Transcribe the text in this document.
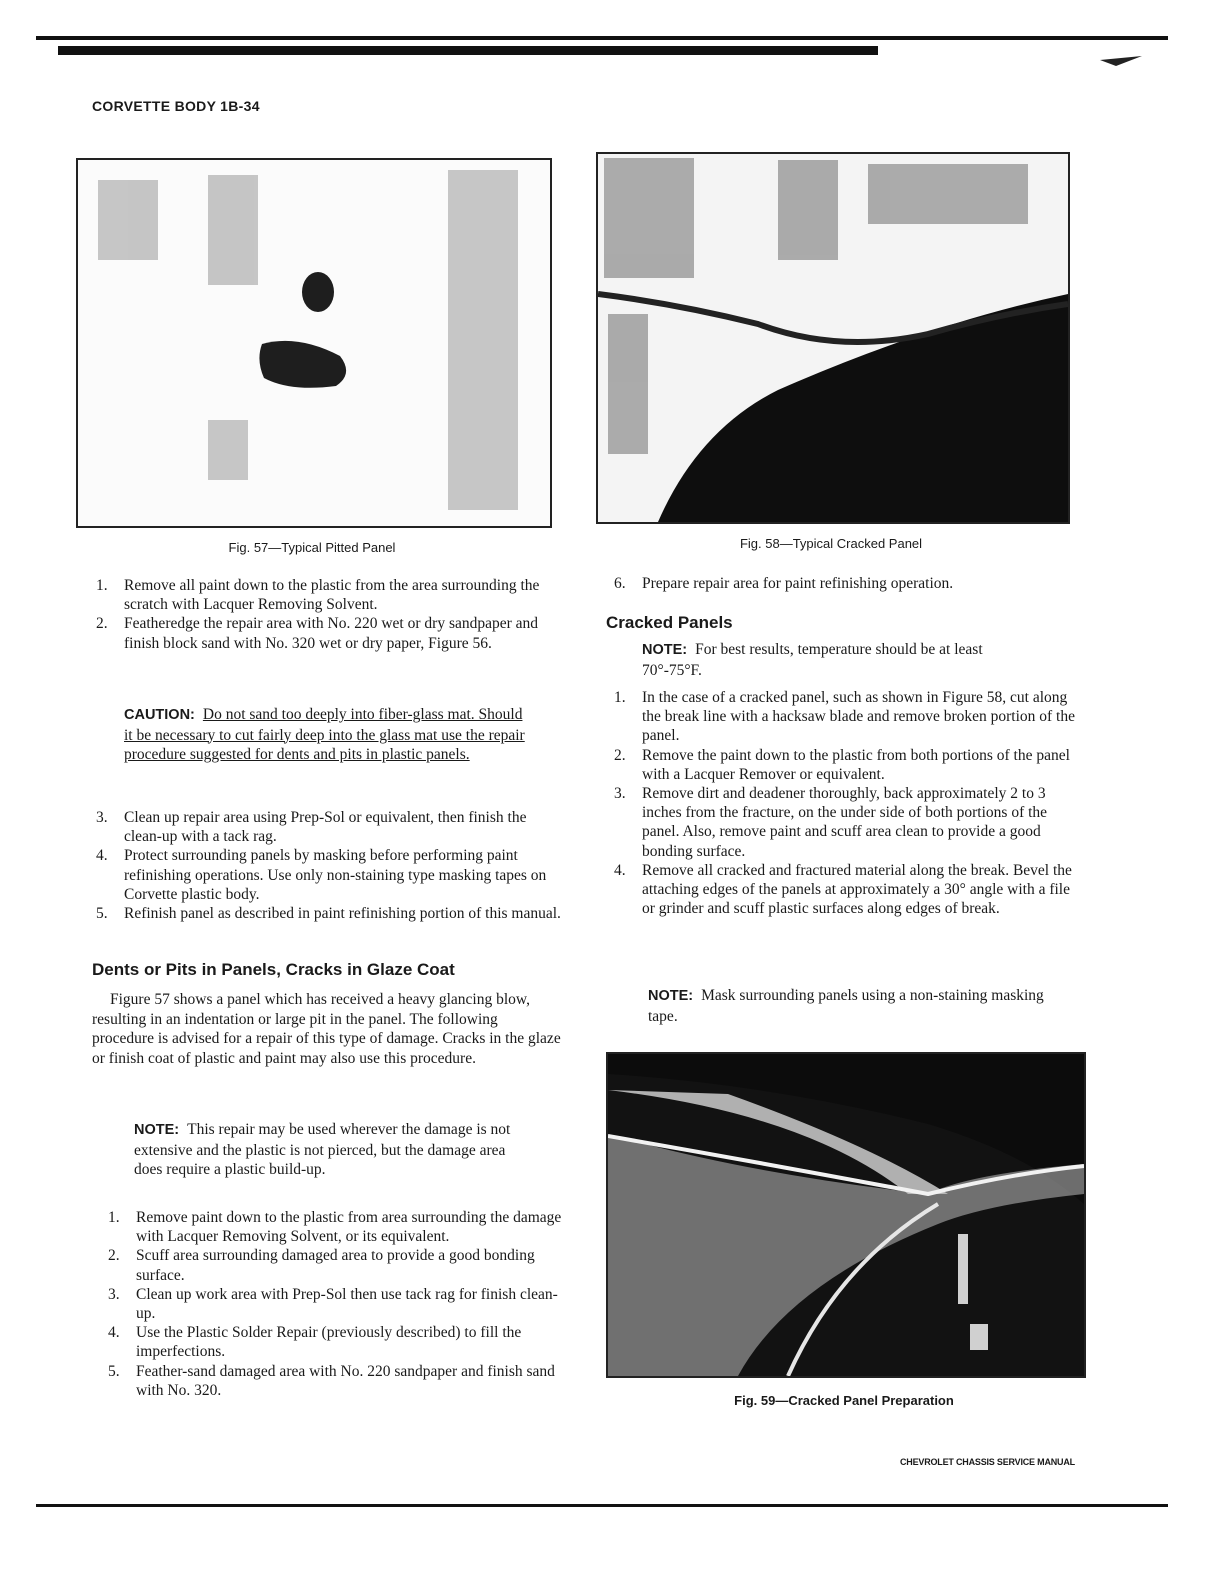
CORVETTE BODY 1B-34
Fig. 57—Typical Pitted Panel	Fig. 58—Typical Cracked Panel
Fig. 59—Cracked Panel Preparation
1.	Remove all paint down to the plastic from the area surrounding the scratch with Lacquer Removing Solvent.
2.	Featheredge the repair area with No. 220 wet or dry sandpaper and finish block sand with No. 320 wet or dry paper, Figure 56.
CAUTION: Do not sand too deeply into fiber-glass mat. Should it be necessary to cut fairly deep into the glass mat use the repair procedure suggested for dents and pits in plastic panels.
3.	Clean up repair area using Prep-Sol or equivalent, then finish the clean-up with a tack rag.
4.	Protect surrounding panels by masking before performing paint refinishing operations. Use only non-staining type masking tapes on Corvette plastic body.
5.	Refinish panel as described in paint refinishing portion of this manual.
Dents or Pits in Panels, Cracks in Glaze Coat
Figure 57 shows a panel which has received a heavy glancing blow, resulting in an indentation or large pit in the panel. The following procedure is advised for a repair of this type of damage. Cracks in the glaze or finish coat of plastic and paint may also use this procedure.
NOTE: This repair may be used wherever the damage is not extensive and the plastic is not pierced, but the damage area does require a plastic build-up.
1.	Remove paint down to the plastic from area surrounding the damage with Lacquer Removing Solvent, or its equivalent.
2.	Scuff area surrounding damaged area to provide a good bonding surface.
3.	Clean up work area with Prep-Sol then use tack rag for finish clean-up.
4.	Use the Plastic Solder Repair (previously described) to fill the imperfections.
5.	Feather-sand damaged area with No. 220 sandpaper and finish sand with No. 320.
6.	Prepare repair area for paint refinishing operation.
Cracked Panels
NOTE: For best results, temperature should be at least 70°-75°F.
1.	In the case of a cracked panel, such as shown in Figure 58, cut along the break line with a hacksaw blade and remove broken portion of the panel.
2.	Remove the paint down to the plastic from both portions of the panel with a Lacquer Remover or equivalent.
3.	Remove dirt and deadener thoroughly, back approximately 2 to 3 inches from the fracture, on the under side of both portions of the panel. Also, remove paint and scuff area clean to provide a good bonding surface.
4.	Remove all cracked and fractured material along the break. Bevel the attaching edges of the panels at approximately a 30° angle with a file or grinder and scuff plastic surfaces along edges of break.
NOTE: Mask surrounding panels using a non-staining masking tape.
CHEVROLET CHASSIS SERVICE MANUAL
